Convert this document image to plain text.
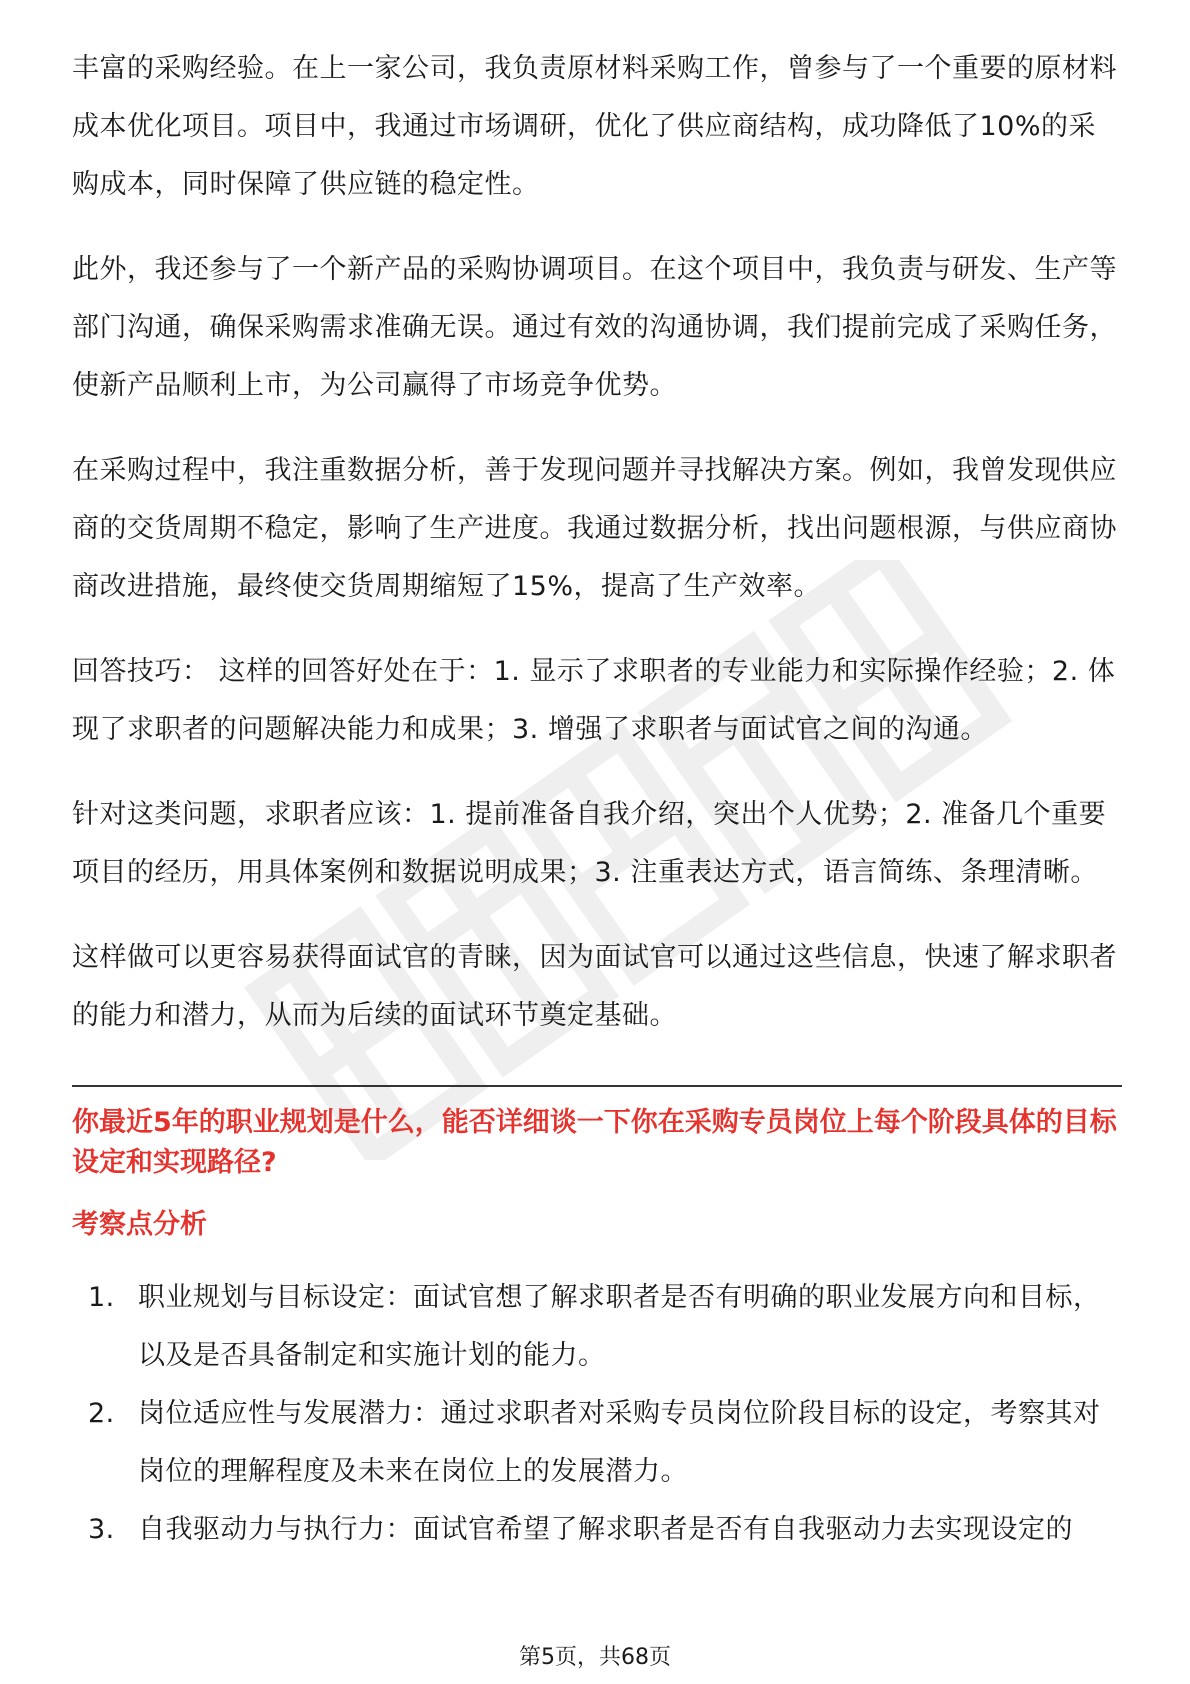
丰富的采购经验。在上一家公司，我负责原材料采购工作，曾参与了一个重要的原材料成本优化项目。项目中，我通过市场调研，优化了供应商结构，成功降低了10%的采购成本，同时保障了供应链的稳定性。

此外，我还参与了一个新产品的采购协调项目。在这个项目中，我负责与研发、生产等部门沟通，确保采购需求准确无误。通过有效的沟通协调，我们提前完成了采购任务，使新产品顺利上市，为公司赢得了市场竞争优势。

在采购过程中，我注重数据分析，善于发现问题并寻找解决方案。例如，我曾发现供应商的交货周期不稳定，影响了生产进度。我通过数据分析，找出问题根源，与供应商协商改进措施，最终使交货周期缩短了15%，提高了生产效率。

回答技巧： 这样的回答好处在于：1. 显示了求职者的专业能力和实际操作经验；2. 体现了求职者的问题解决能力和成果；3. 增强了求职者与面试官之间的沟通。

针对这类问题，求职者应该：1. 提前准备自我介绍，突出个人优势；2. 准备几个重要项目的经历，用具体案例和数据说明成果；3. 注重表达方式，语言简练、条理清晰。

这样做可以更容易获得面试官的青睐，因为面试官可以通过这些信息，快速了解求职者的能力和潜力，从而为后续的面试环节奠定基础。

你最近5年的职业规划是什么，能否详细谈一下你在采购专员岗位上每个阶段具体的目标设定和实现路径?
考察点分析
1. 职业规划与目标设定：面试官想了解求职者是否有明确的职业发展方向和目标，以及是否具备制定和实施计划的能力。
2. 岗位适应性与发展潜力：通过求职者对采购专员岗位阶段目标的设定，考察其对岗位的理解程度及未来在岗位上的发展潜力。
3. 自我驱动力与执行力：面试官希望了解求职者是否有自我驱动力去实现设定的
第5页，共68页
